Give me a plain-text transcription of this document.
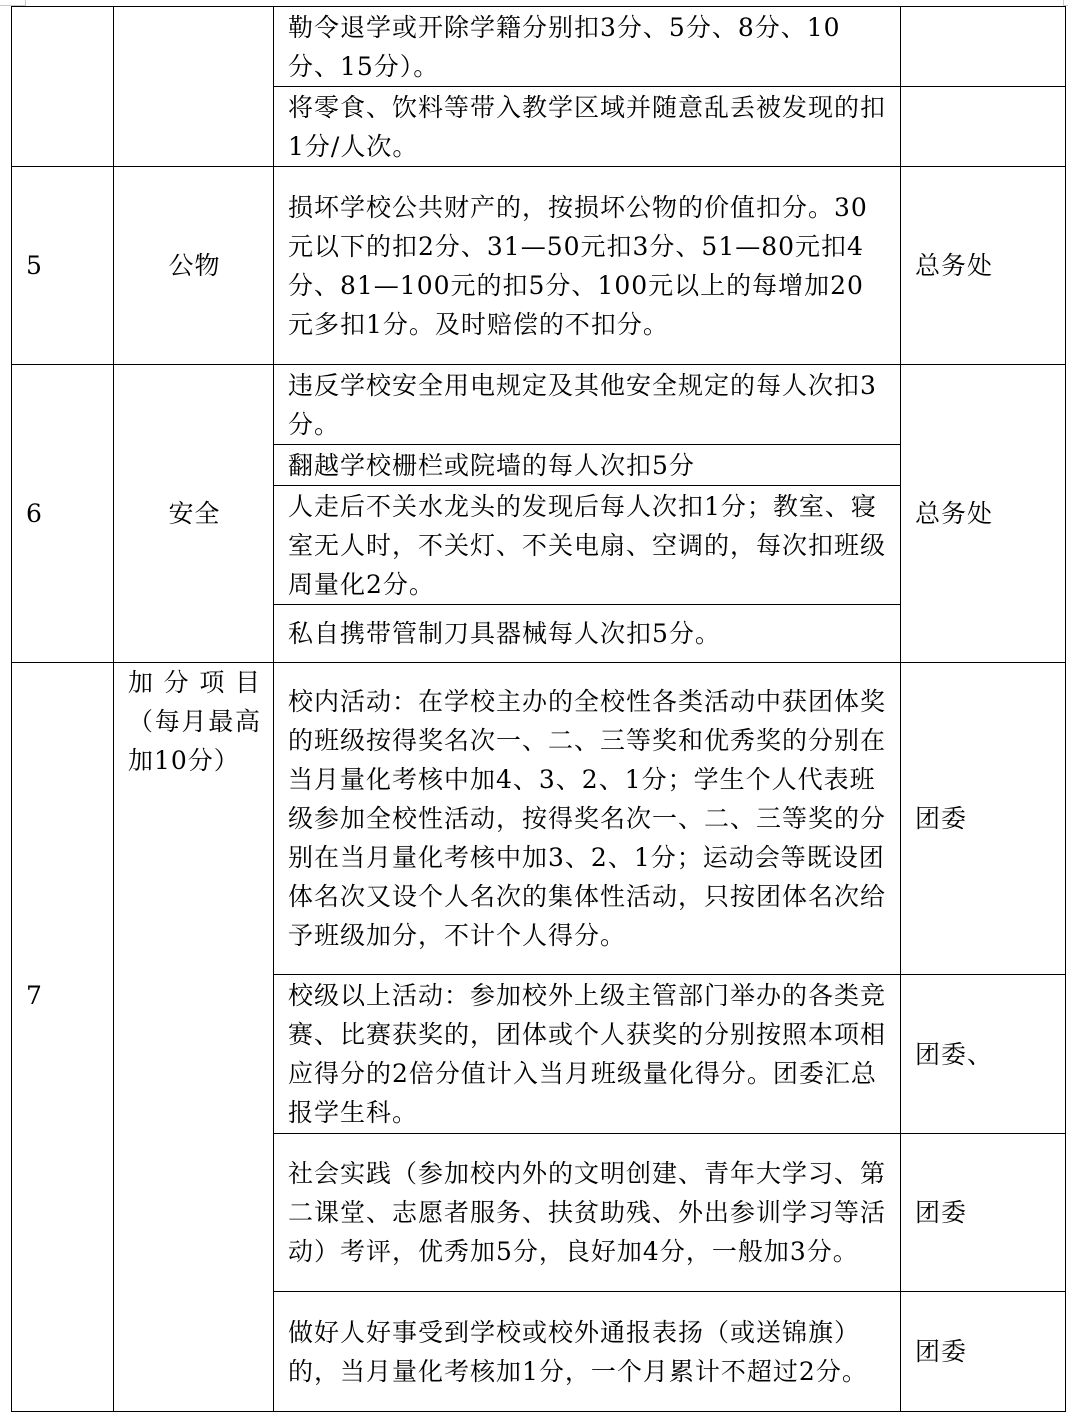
		勒令退学或开除学籍分别扣3分、5分、8分、10分、15分）。	
		将零食、饮料等带入教学区域并随意乱丢被发现的扣1分/人次。	
5	公物	损坏学校公共财产的，按损坏公物的价值扣分。30元以下的扣2分、31—50元扣3分、51—80元扣4分、81—100元的扣5分、100元以上的每增加20元多扣1分。及时赔偿的不扣分。	总务处
6	安全	违反学校安全用电规定及其他安全规定的每人次扣3分。	总务处
		翻越学校栅栏或院墙的每人次扣5分	
		人走后不关水龙头的发现后每人次扣1分；教室、寝室无人时，不关灯、不关电扇、空调的，每次扣班级周量化2分。	
		私自携带管制刀具器械每人次扣5分。	

7	加分项目（每月最高加10分）	校内活动：在学校主办的全校性各类活动中获团体奖的班级按得奖名次一、二、三等奖和优秀奖的分别在当月量化考核中加4、3、2、1分；学生个人代表班级参加全校性活动，按得奖名次一、二、三等奖的分别在当月量化考核中加3、2、1分；运动会等既设团体名次又设个人名次的集体性活动，只按团体名次给予班级加分，不计个人得分。	团委
		校级以上活动：参加校外上级主管部门举办的各类竞赛、比赛获奖的，团体或个人获奖的分别按照本项相应得分的2倍分值计入当月班级量化得分。团委汇总报学生科。	团委、
		社会实践（参加校内外的文明创建、青年大学习、第二课堂、志愿者服务、扶贫助残、外出参训学习等活动）考评，优秀加5分，良好加4分，一般加3分。	团委
		做好人好事受到学校或校外通报表扬（或送锦旗）的，当月量化考核加1分，一个月累计不超过2分。	团委
